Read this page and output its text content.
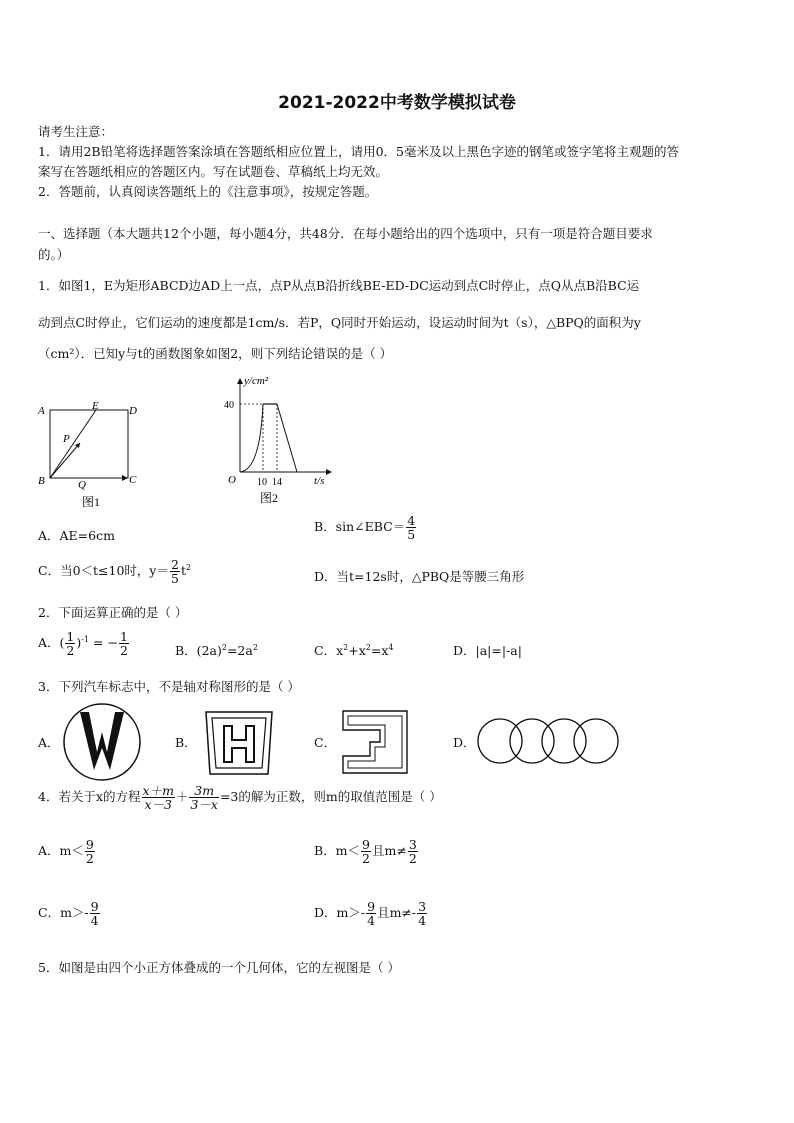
2021-2022中考数学模拟试卷
请考生注意：
1．请用2B铅笔将选择题答案涂填在答题纸相应位置上，请用0．5毫米及以上黑色字迹的钢笔或签字笔将主观题的答
案写在答题纸相应的答题区内。写在试题卷、草稿纸上均无效。
2．答题前，认真阅读答题纸上的《注意事项》，按规定答题。
一、选择题（本大题共12个小题，每小题4分，共48分．在每小题给出的四个选项中，只有一项是符合题目要求
的。）
1．如图1，E为矩形ABCD边AD上一点，点P从点B沿折线BE-ED-DC运动到点C时停止，点Q从点B沿BC运
动到点C时停止，它们运动的速度都是1cm/s．若P，Q同时开始运动，设运动时间为t（s），△BPQ的面积为y
（cm²）．已知y与t的函数图象如图2，则下列结论错误的是（ ）
A	E	D
P
B	Q	C
图1
y/cm²
40
O 10 14	t/s
图2
A．AE=6cm
B．sin∠EBC＝ $\frac{4}{5}$
C．当0＜t≤10时，$y= \frac{2}{5} t^2$
D．当t=12s时，△PBQ是等腰三角形
2．下面运算正确的是（ ）
A．( $\frac{1}{2} )^{-1}$ = − $\frac{1}{2}$	B．$(2a)^2=2a^2$	C．$x^2+x^2=x^4$	D．|a|=|-a|
3．下列汽车标志中，不是轴对称图形的是（ ）
A．	B．	C．	D．
4．若关于x的方程 $\frac{x+m}{x-3} + \frac{3m}{3-x} =3$的解为正数，则m的取值范围是（ ）
A．$m< \frac{9}{2}$	B．$m< \frac{9}{2}$ 且$m\ne \frac{3}{2}$
C．$m>- \frac{9}{4}$	D．$m>- \frac{9}{4}$ 且$m\ne- \frac{3}{4}$
5．如图是由四个小正方体叠成的一个几何体，它的左视图是（ ）
